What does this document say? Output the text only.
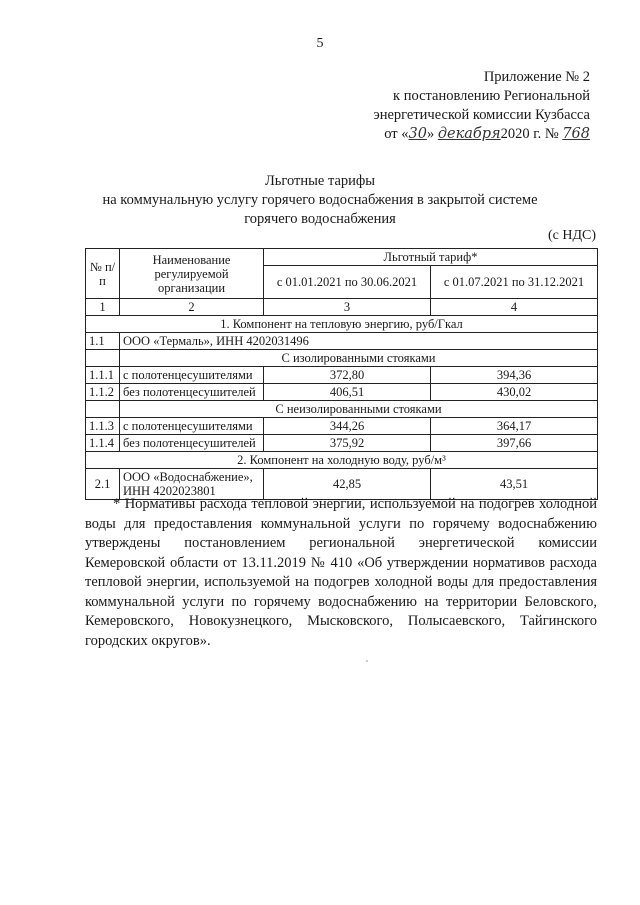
5
Приложение № 2
к постановлению Региональной
энергетической комиссии Кузбасса
от «30» декабря2020 г. № 768
Льготные тарифы
на коммунальную услугу горячего водоснабжения в закрытой системе
горячего водоснабжения
(с НДС)
№ п/п	Наименование регулируемой организации	Льготный тариф*	
		с 01.01.2021 по 30.06.2021	с 01.07.2021 по 31.12.2021
1	2	3	4
1. Компонент на тепловую энергию, руб/Гкал			
1.1	ООО «Термаль», ИНН 4202031496		
	С изолированными стояками		
1.1.1	с полотенцесушителями	372,80	394,36
1.1.2	без полотенцесушителей	406,51	430,02
	С неизолированными стояками		
1.1.3	с полотенцесушителями	344,26	364,17
1.1.4	без полотенцесушителей	375,92	397,66
2. Компонент на холодную воду, руб/м³			
2.1	ООО «Водоснабжение», ИНН 4202023801	42,85	43,51
* Нормативы расхода тепловой энергии, используемой на подогрев холодной воды для предоставления коммунальной услуги по горячему водоснабжению утверждены постановлением региональной энергетической комиссии Кемеровской области от 13.11.2019 № 410 «Об утверждении нормативов расхода тепловой энергии, используемой на подогрев холодной воды для предоставления коммунальной услуги по горячему водоснабжению на территории Беловского, Кемеровского, Новокузнецкого, Мысковского, Полысаевского, Тайгинского городских округов».
